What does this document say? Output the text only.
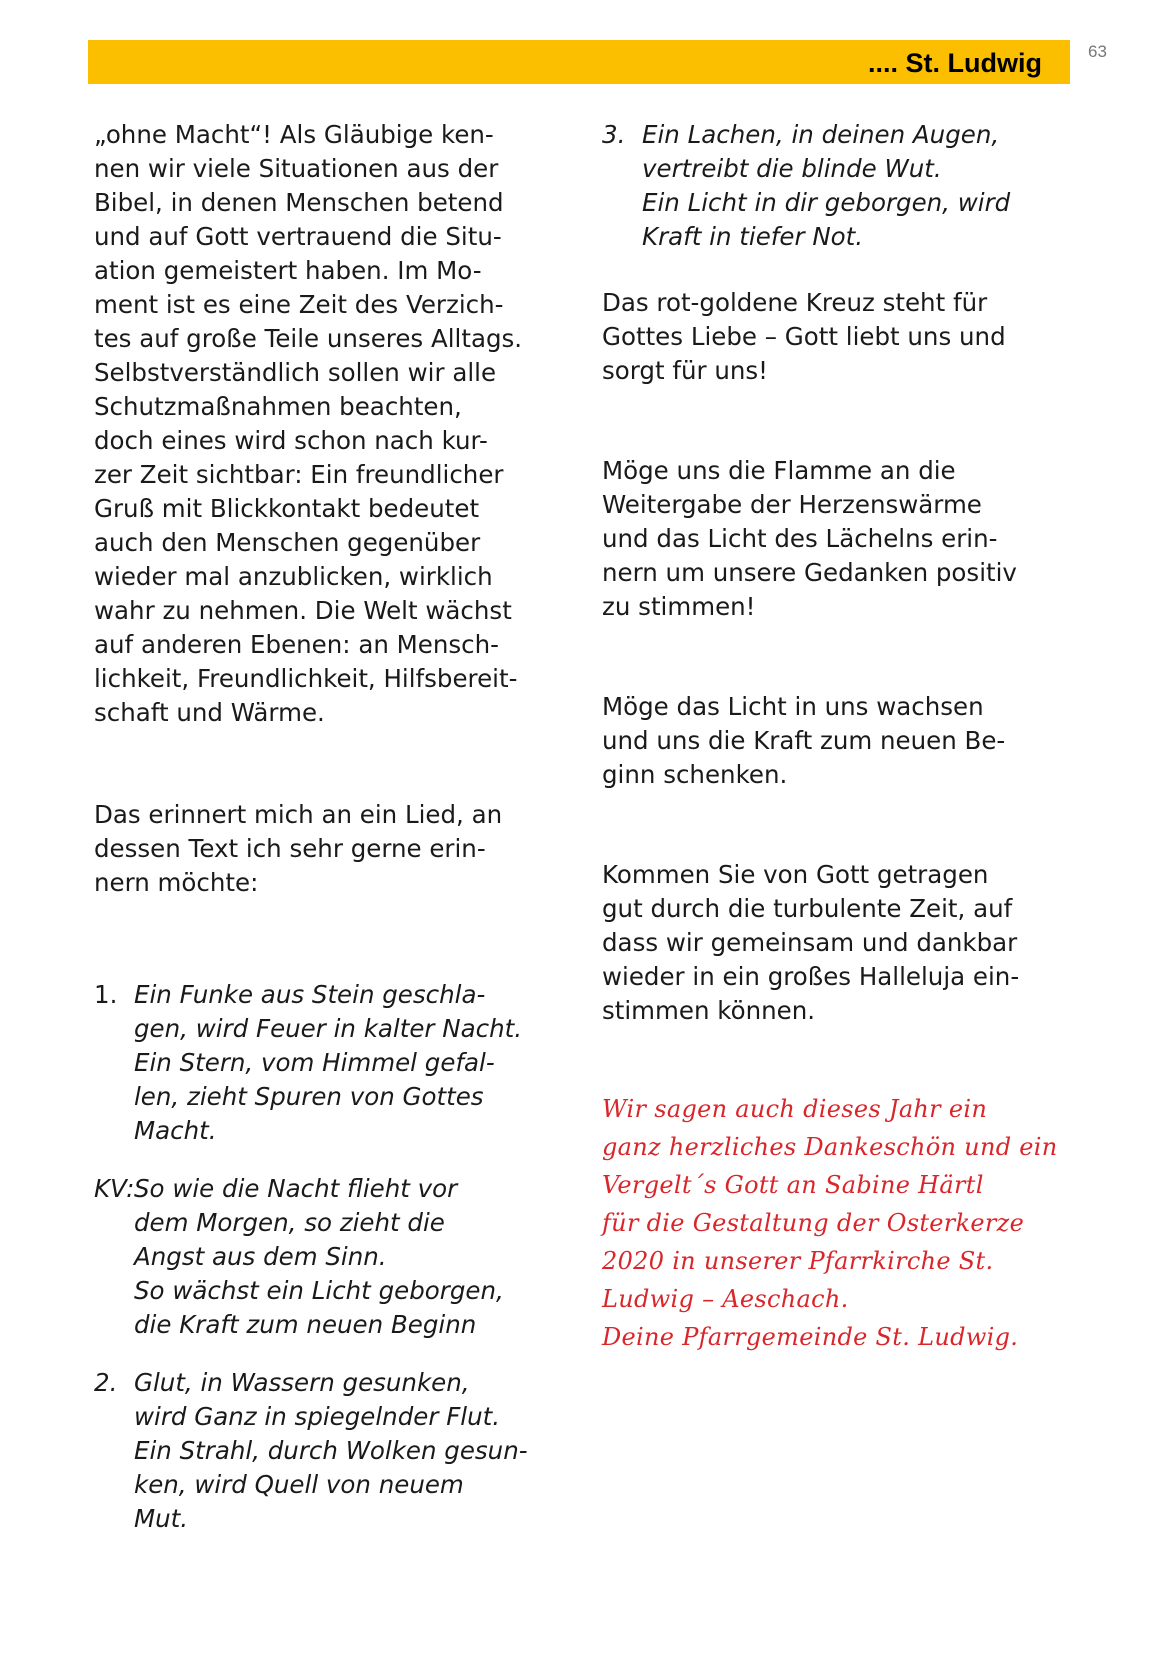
.... St. Ludwig	63

„ohne Macht“! Als Gläubige ken-
nen wir viele Situationen aus der
Bibel, in denen Menschen betend
und auf Gott vertrauend die Situ-
ation gemeistert haben. Im Mo-
ment ist es eine Zeit des Verzich-
tes auf große Teile unseres Alltags.
Selbstverständlich sollen wir alle
Schutzmaßnahmen beachten,
doch eines wird schon nach kur-
zer Zeit sichtbar: Ein freundlicher
Gruß mit Blickkontakt bedeutet
auch den Menschen gegenüber
wieder mal anzublicken, wirklich
wahr zu nehmen. Die Welt wächst
auf anderen Ebenen: an Mensch-
lichkeit, Freundlichkeit, Hilfsbereit-
schaft und Wärme.

Das erinnert mich an ein Lied, an
dessen Text ich sehr gerne erin-
nern möchte:

1. Ein Funke aus Stein geschla-
gen, wird Feuer in kalter Nacht.
Ein Stern, vom Himmel gefal-
len, zieht Spuren von Gottes
Macht.
KV: So wie die Nacht flieht vor
dem Morgen, so zieht die
Angst aus dem Sinn.
So wächst ein Licht geborgen,
die Kraft zum neuen Beginn
2. Glut, in Wassern gesunken,
wird Ganz in spiegelnder Flut.
Ein Strahl, durch Wolken gesun-
ken, wird Quell von neuem
Mut.
3. Ein Lachen, in deinen Augen,
vertreibt die blinde Wut.
Ein Licht in dir geborgen, wird
Kraft in tiefer Not.

Das rot-goldene Kreuz steht für
Gottes Liebe – Gott liebt uns und
sorgt für uns!

Möge uns die Flamme an die
Weitergabe der Herzenswärme
und das Licht des Lächelns erin-
nern um unsere Gedanken positiv
zu stimmen!

Möge das Licht in uns wachsen
und uns die Kraft zum neuen Be-
ginn schenken.

Kommen Sie von Gott getragen
gut durch die turbulente Zeit, auf
dass wir gemeinsam und dankbar
wieder in ein großes Halleluja ein-
stimmen können.

Wir sagen auch dieses Jahr ein
ganz herzliches Dankeschön und ein
Vergelt´s Gott an Sabine Härtl
für die Gestaltung der Osterkerze
2020 in unserer Pfarrkirche St.
Ludwig – Aeschach.
Deine Pfarrgemeinde St. Ludwig.
